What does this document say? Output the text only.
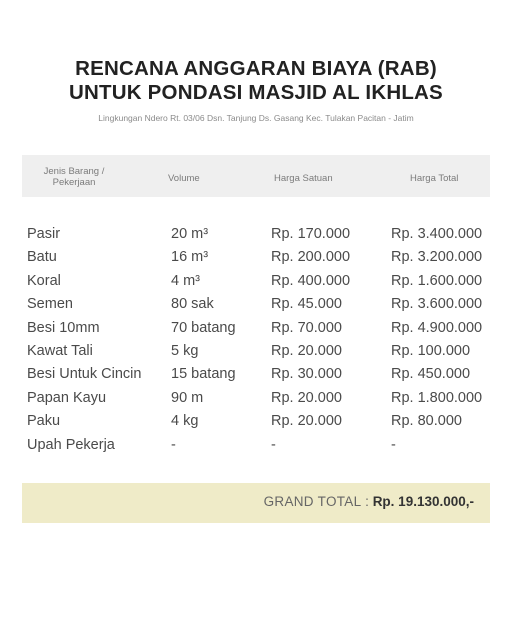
RENCANA ANGGARAN BIAYA (RAB)
UNTUK PONDASI MASJID AL IKHLAS
Lingkungan Ndero Rt. 03/06 Dsn. Tanjung Ds. Gasang Kec. Tulakan Pacitan - Jatim
Jenis Barang /
Pekerjaan	Volume	Harga Satuan	Harga Total
Pasir	20 m³	Rp. 170.000	Rp. 3.400.000
Batu	16 m³	Rp. 200.000	Rp. 3.200.000
Koral	4 m³	Rp. 400.000	Rp. 1.600.000
Semen	80 sak	Rp. 45.000	Rp. 3.600.000
Besi 10mm	70 batang Rp. 70.000	Rp. 4.900.000
Kawat Tali	5 kg	Rp. 20.000	Rp. 100.000
Besi Untuk Cincin 15 batang Rp. 30.000	Rp. 450.000
Papan Kayu	90 m	Rp. 20.000	Rp. 1.800.000
Paku	4 kg	Rp. 20.000	Rp. 80.000
Upah Pekerja	-	-	-
GRAND TOTAL : Rp. 19.130.000,-
